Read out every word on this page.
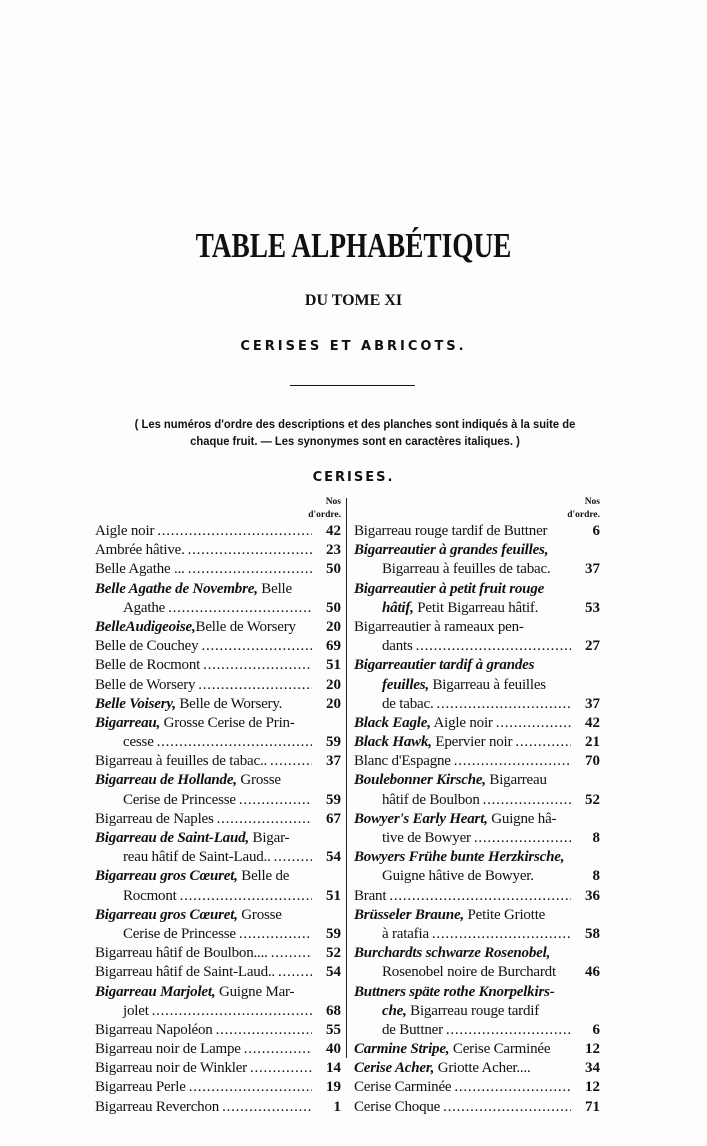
TABLE ALPHABÉTIQUE
DU TOME XI
CERISES ET ABRICOTS.
( Les numéros d'ordre des descriptions et des planches sont indiqués à la suite de chaque fruit. — Les synonymes sont en caractères italiques. )
CERISES.
Nos
d'ordre.
Aigle noir . . .	42
Ambrée hâtive. . . .	23
Belle Agathe ... . . .	50
Belle Agathe de Novembre, Belle
Agathe . . .	50
BelleAudigeoise,Belle de Worsery	20
Belle de Couchey . . .	69
Belle de Rocmont . . .	51
Belle de Worsery . . .	20
Belle Voisery, Belle de Worsery.	20
Bigarreau, Grosse Cerise de Prin-
cesse . . .	59
Bigarreau à feuilles de tabac.. . . .	37
Bigarreau de Hollande, Grosse
Cerise de Princesse . . .	59
Bigarreau de Naples . . .	67
Bigarreau de Saint-Laud, Bigar-
reau hâtif de Saint-Laud.. . . .	54
Bigarreau gros Cœuret, Belle de
Rocmont . . .	51
Bigarreau gros Cœuret, Grosse
Cerise de Princesse . . .	59
Bigarreau hâtif de Boulbon.... . . .	52
Bigarreau hâtif de Saint-Laud.. . . .	54
Bigarreau Marjolet, Guigne Mar-
jolet . . .	68
Bigarreau Napoléon . . .	55
Bigarreau noir de Lampe . . .	40
Bigarreau noir de Winkler . . .	14
Bigarreau Perle . . .	19
Bigarreau Reverchon . . .	1
Nos
d'ordre.
Bigarreau rouge tardif de Buttner	6
Bigarreautier à grandes feuilles,
Bigarreau à feuilles de tabac.	37
Bigarreautier à petit fruit rouge
hâtif, Petit Bigarreau hâtif.	53
Bigarreautier à rameaux pen-
dants . . .	27
Bigarreautier tardif à grandes
feuilles, Bigarreau à feuilles
de tabac. . . .	37
Black Eagle, Aigle noir . . .	42
Black Hawk, Epervier noir . . .	21
Blanc d'Espagne . . .	70
Boulebonner Kirsche, Bigarreau
hâtif de Boulbon . . .	52
Bowyer's Early Heart, Guigne hâ-
tive de Bowyer . . .	8
Bowyers Frühe bunte Herzkirsche,
Guigne hâtive de Bowyer.	8
Brant . . .	36
Brüsseler Braune, Petite Griotte
à ratafia . . .	58
Burchardts schwarze Rosenobel,
Rosenobel noire de Burchardt	46
Buttners späte rothe Knorpelkirs-
che, Bigarreau rouge tardif
de Buttner . . .	6
Carmine Stripe, Cerise Carminée	12
Cerise Acher, Griotte Acher....	34
Cerise Carminée . . .	12
Cerise Choque . . .	71
